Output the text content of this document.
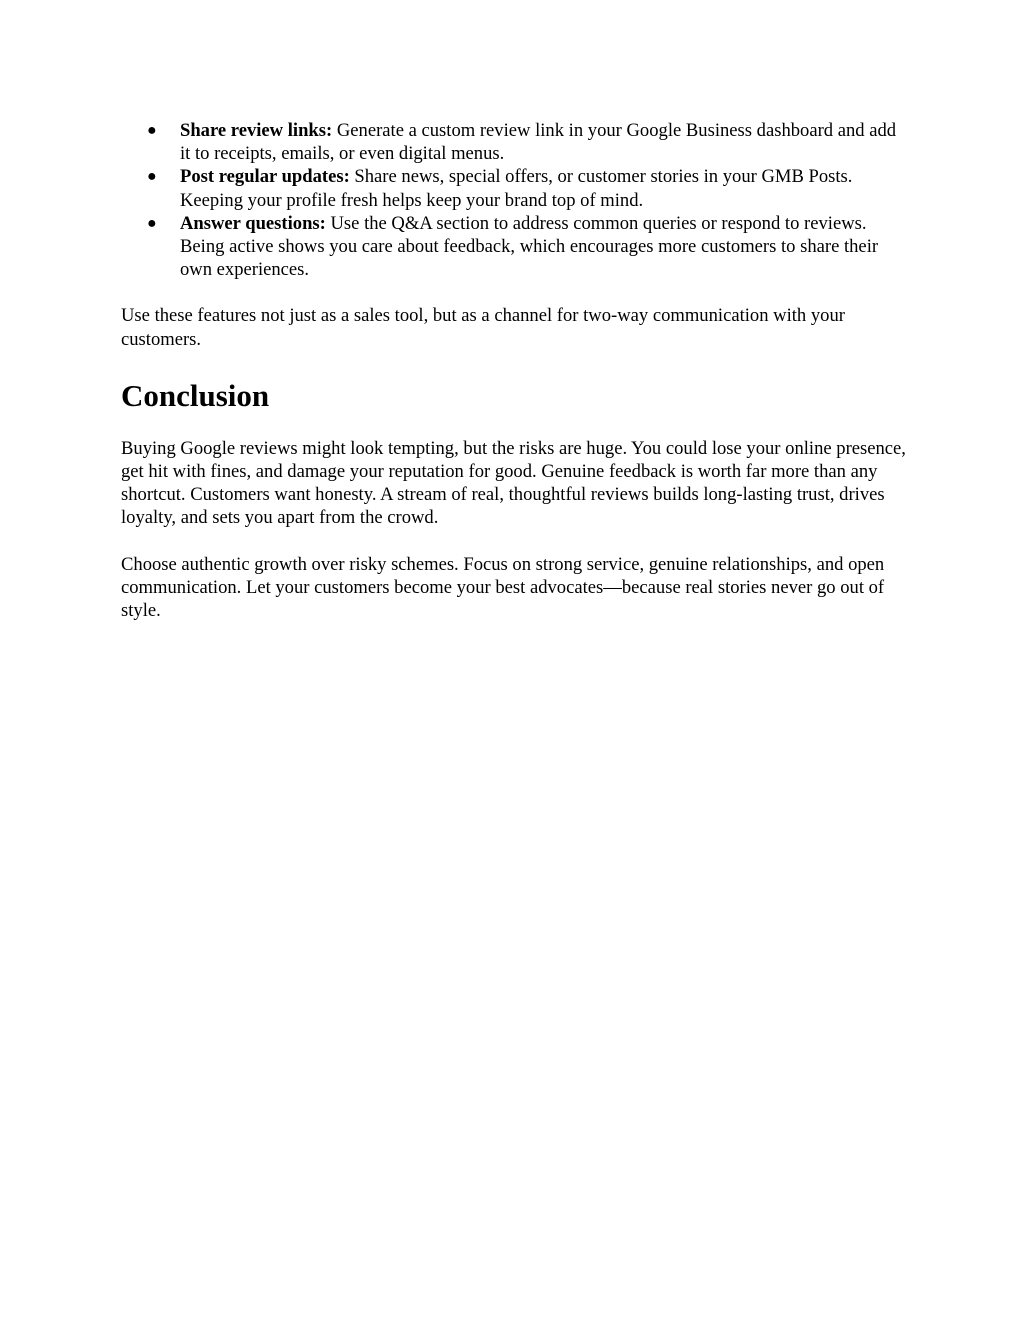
● Share review links: Generate a custom review link in your Google Business dashboard and add it to receipts, emails, or even digital menus.
● Post regular updates: Share news, special offers, or customer stories in your GMB Posts. Keeping your profile fresh helps keep your brand top of mind.
● Answer questions: Use the Q&A section to address common queries or respond to reviews. Being active shows you care about feedback, which encourages more customers to share their own experiences.

Use these features not just as a sales tool, but as a channel for two-way communication with your customers.

Conclusion

Buying Google reviews might look tempting, but the risks are huge. You could lose your online presence, get hit with fines, and damage your reputation for good. Genuine feedback is worth far more than any shortcut. Customers want honesty. A stream of real, thoughtful reviews builds long-lasting trust, drives loyalty, and sets you apart from the crowd.

Choose authentic growth over risky schemes. Focus on strong service, genuine relationships, and open communication. Let your customers become your best advocates—because real stories never go out of style.
